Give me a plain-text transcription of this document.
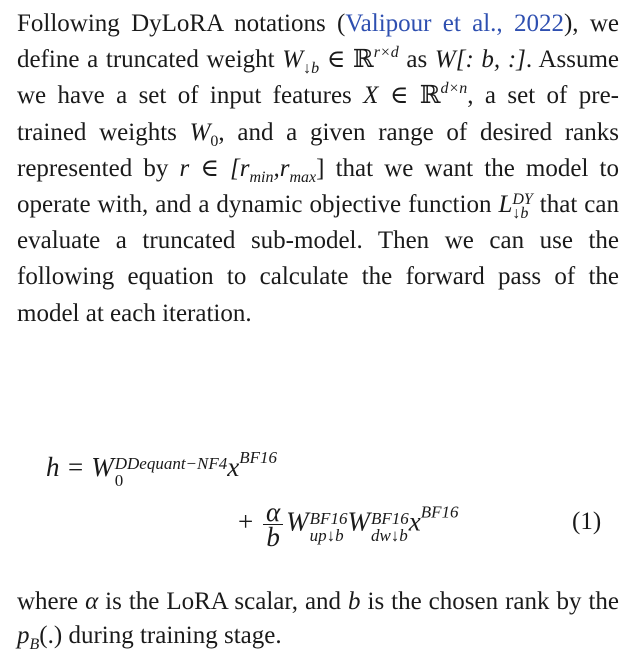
Following DyLoRA notations (Valipour et al., 2022), we define a truncated weight $W_{↓b}$ ∈ ℝ$^{r\times d}$ as W[: b, :]. Assume we have a set of input features X ∈ ℝ$^{d\times n}$, a set of pre-trained weights $W_0$, and a given range of desired ranks represented by r ∈ $[r_{min},r_{max}]$ that we want the model to operate with, and a dynamic objective function L DY
↓b that can evaluate a truncated sub-model. Then we can use the following equation to calculate the forward pass of the model at each iteration.
h = W DDequant−NF4
0	$x^{BF16}$
+ $\frac{\alpha}{b}$ W BF16
up↓b W BF16
dw↓b $x^{BF16}$	(1)
where α is the LoRA scalar, and b is the chosen rank by the $p_B(.)$ during training stage.
